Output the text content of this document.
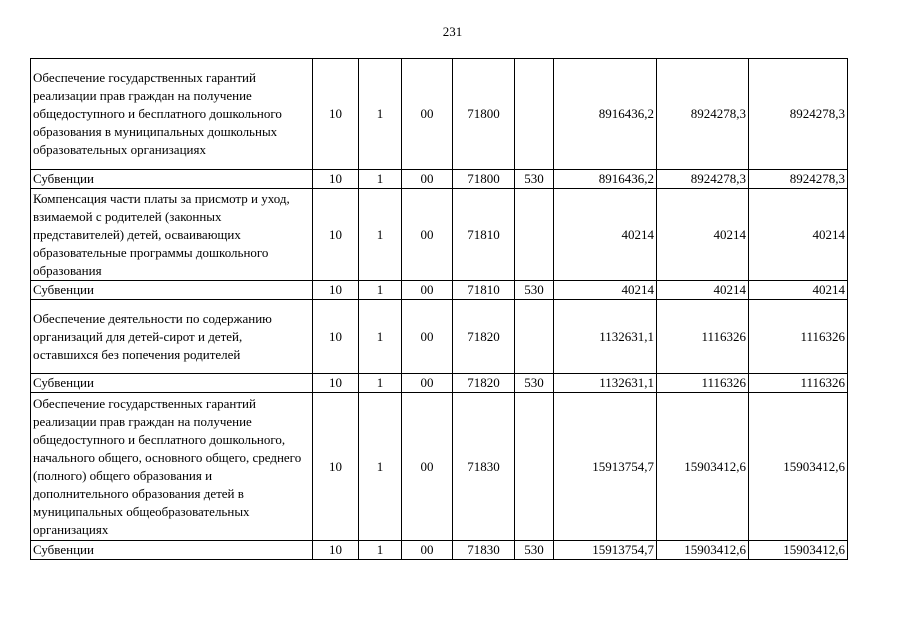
231
Обеспечение государственных гарантий реализации прав граждан на получение общедоступного и бесплатного дошкольного образования в муниципальных дошкольных образовательных организациях	10	1	00	71800		8916436,2	8924278,3	8924278,3
Субвенции	10	1	00	71800	530	8916436,2	8924278,3	8924278,3
Компенсация части платы за присмотр и уход, взимаемой с родителей (законных представителей) детей, осваивающих образовательные программы дошкольного образования	10	1	00	71810		40214	40214	40214
Субвенции	10	1	00	71810	530	40214	40214	40214
Обеспечение деятельности по содержанию организаций для детей-сирот и детей, оставшихся без попечения родителей	10	1	00	71820		1132631,1	1116326	1116326
Субвенции	10	1	00	71820	530	1132631,1	1116326	1116326
Обеспечение государственных гарантий реализации прав граждан на получение общедоступного и бесплатного дошкольного, начального общего, основного общего, среднего (полного) общего образования и дополнительного образования детей в муниципальных общеобразовательных организациях	10	1	00	71830		15913754,7	15903412,6	15903412,6
Субвенции	10	1	00	71830	530	15913754,7	15903412,6	15903412,6
